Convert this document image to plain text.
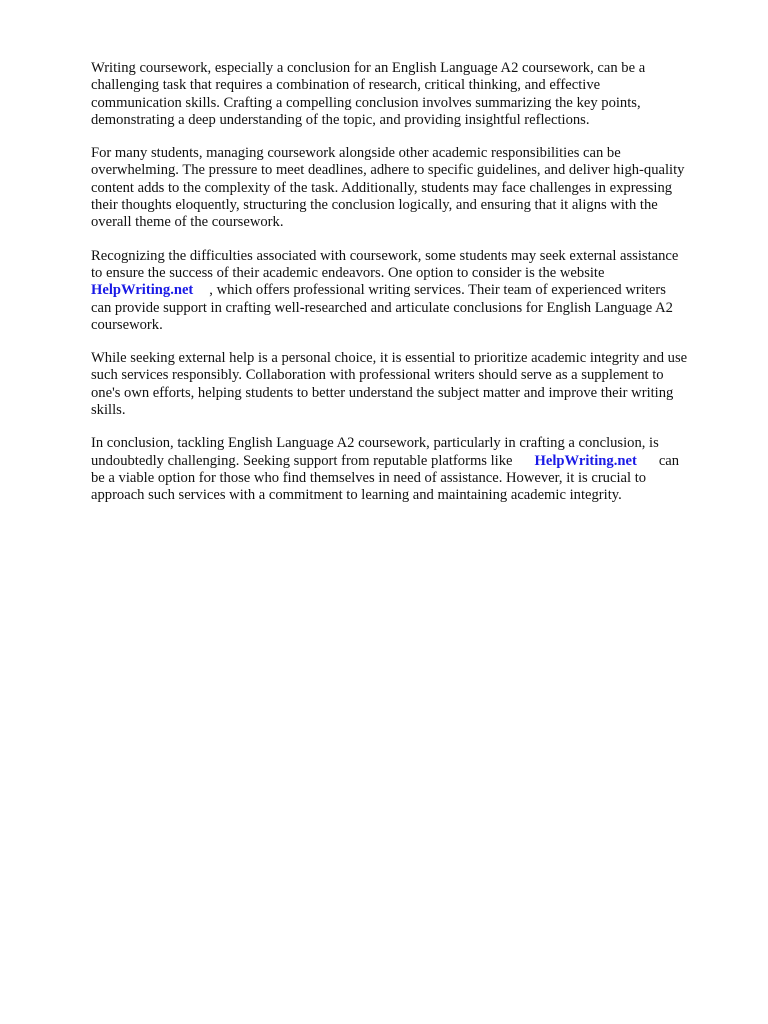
Writing coursework, especially a conclusion for an English Language A2 coursework, can be a
challenging task that requires a combination of research, critical thinking, and effective
communication skills. Crafting a compelling conclusion involves summarizing the key points,
demonstrating a deep understanding of the topic, and providing insightful reflections.

For many students, managing coursework alongside other academic responsibilities can be
overwhelming. The pressure to meet deadlines, adhere to specific guidelines, and deliver high-quality
content adds to the complexity of the task. Additionally, students may face challenges in expressing
their thoughts eloquently, structuring the conclusion logically, and ensuring that it aligns with the
overall theme of the coursework.

Recognizing the difficulties associated with coursework, some students may seek external assistance
to ensure the success of their academic endeavors. One option to consider is the website
HelpWriting.net , which offers professional writing services. Their team of experienced writers
can provide support in crafting well-researched and articulate conclusions for English Language A2
coursework.

While seeking external help is a personal choice, it is essential to prioritize academic integrity and use
such services responsibly. Collaboration with professional writers should serve as a supplement to
one's own efforts, helping students to better understand the subject matter and improve their writing
skills.

In conclusion, tackling English Language A2 coursework, particularly in crafting a conclusion, is
undoubtedly challenging. Seeking support from reputable platforms like HelpWriting.net can
be a viable option for those who find themselves in need of assistance. However, it is crucial to
approach such services with a commitment to learning and maintaining academic integrity.
